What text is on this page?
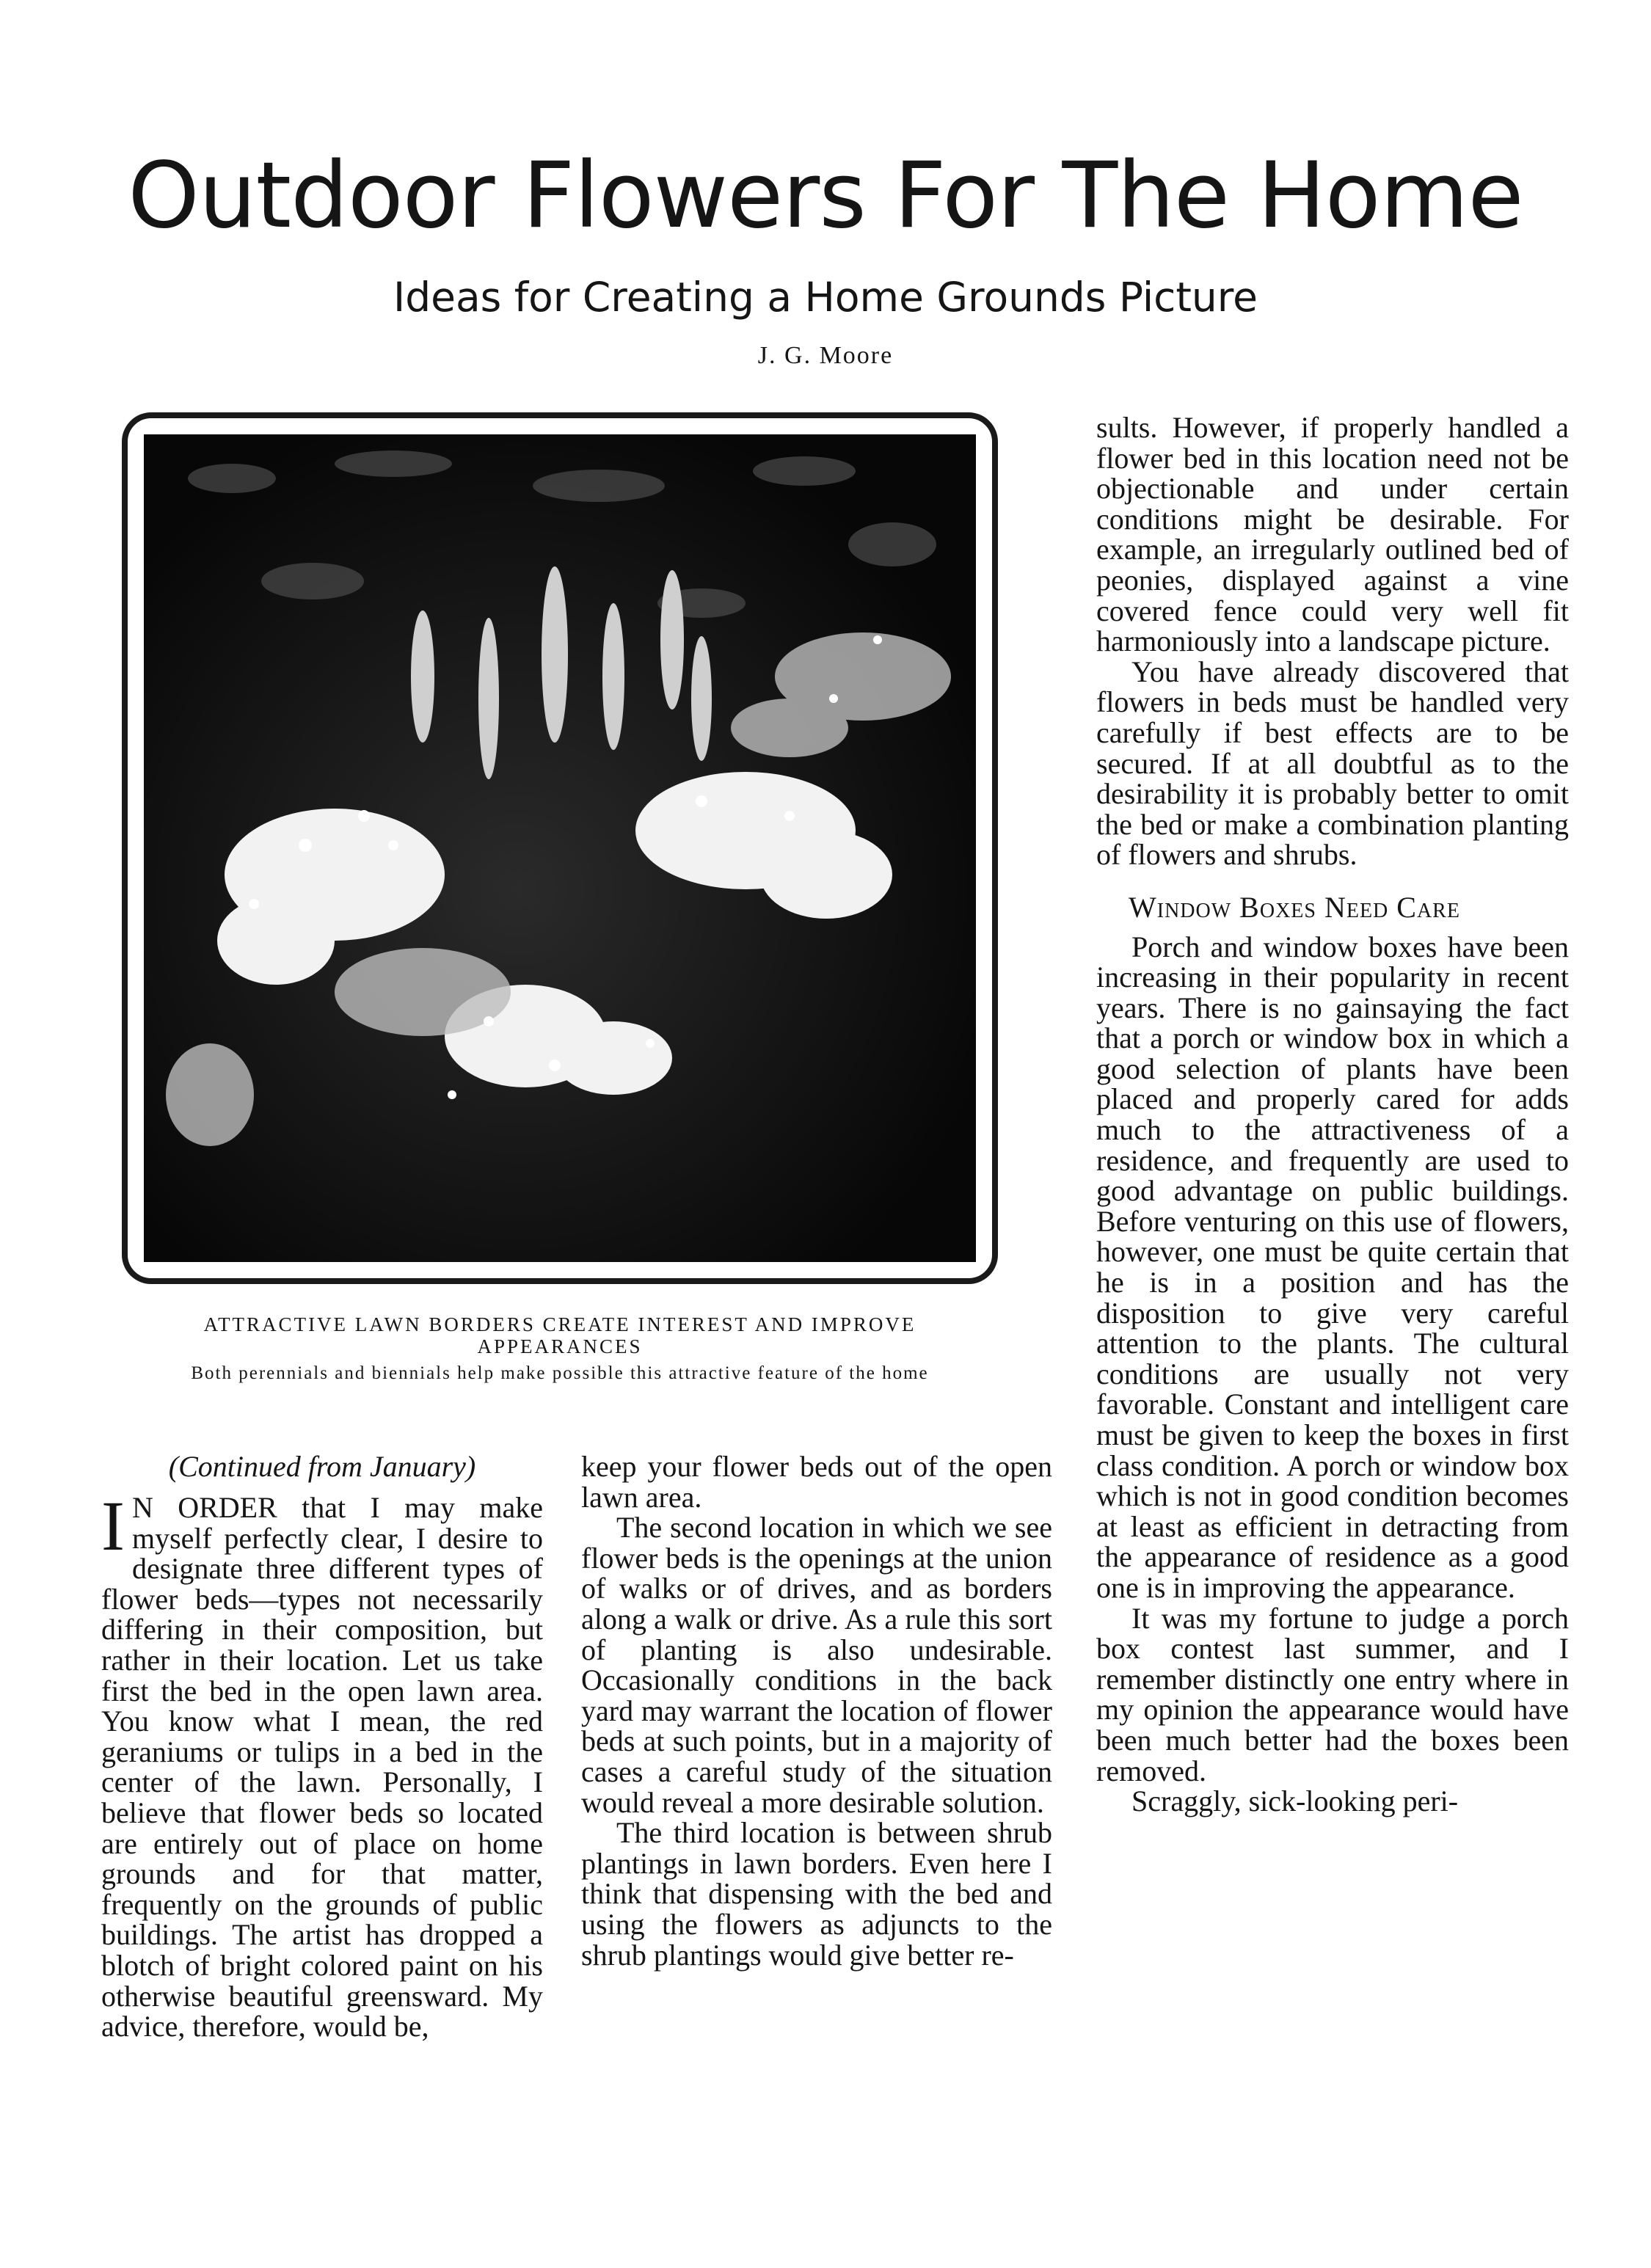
Outdoor Flowers For The Home
Ideas for Creating a Home Grounds Picture
J. G. Moore
ATTRACTIVE LAWN BORDERS CREATE INTEREST AND IMPROVE APPEARANCES
Both perennials and biennials help make possible this attractive feature of the home
(Continued from January)

I N ORDER that I may make myself perfectly clear, I desire to designate three different types of flower beds—types not necessarily differing in their composition, but rather in their location. Let us take first the bed in the open lawn area. You know what I mean, the red geraniums or tulips in a bed in the center of the lawn. Personally, I believe that flower beds so located are entirely out of place on home grounds and for that matter, frequently on the grounds of public buildings. The artist has dropped a blotch of bright colored paint on his otherwise beautiful greensward. My advice, therefore, would be,

keep your flower beds out of the open lawn area.

The second location in which we see flower beds is the openings at the union of walks or of drives, and as borders along a walk or drive. As a rule this sort of planting is also undesirable. Occasionally conditions in the back yard may warrant the location of flower beds at such points, but in a majority of cases a careful study of the situation would reveal a more desirable solution.

The third location is between shrub plantings in lawn borders. Even here I think that dispensing with the bed and using the flowers as adjuncts to the shrub plantings would give better re-

sults. However, if properly handled a flower bed in this location need not be objectionable and under certain conditions might be desirable. For example, an irregularly outlined bed of peonies, displayed against a vine covered fence could very well fit harmoniously into a landscape picture.

You have already discovered that flowers in beds must be handled very carefully if best effects are to be secured. If at all doubtful as to the desirability it is probably better to omit the bed or make a combination planting of flowers and shrubs.

Window Boxes Need Care

Porch and window boxes have been increasing in their popularity in recent years. There is no gainsaying the fact that a porch or window box in which a good selection of plants have been placed and properly cared for adds much to the attractiveness of a residence, and frequently are used to good advantage on public buildings. Before venturing on this use of flowers, however, one must be quite certain that he is in a position and has the disposition to give very careful attention to the plants. The cultural conditions are usually not very favorable. Constant and intelligent care must be given to keep the boxes in first class condition. A porch or window box which is not in good condition becomes at least as efficient in detracting from the appearance of residence as a good one is in improving the appearance.

It was my fortune to judge a porch box contest last summer, and I remember distinctly one entry where in my opinion the appearance would have been much better had the boxes been removed.

Scraggly, sick-looking peri-
